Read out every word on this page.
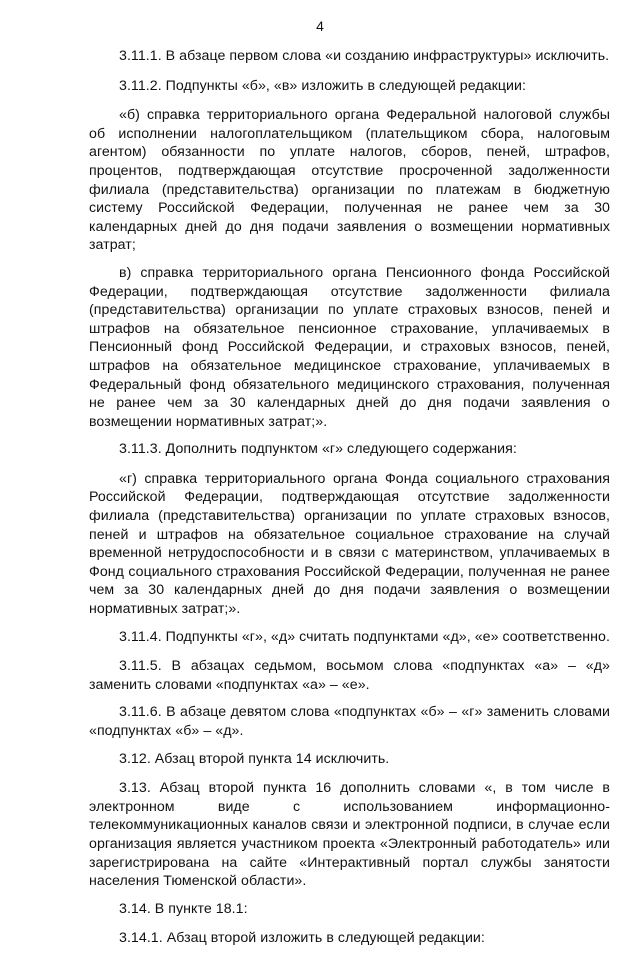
4

3.11.1. В абзаце первом слова «и созданию инфраструктуры» исключить.

3.11.2. Подпункты «б», «в» изложить в следующей редакции:

«б) справка территориального органа Федеральной налоговой службы об исполнении налогоплательщиком (плательщиком сбора, налоговым агентом) обязанности по уплате налогов, сборов, пеней, штрафов, процентов, подтверждающая отсутствие просроченной задолженности филиала (представительства) организации по платежам в бюджетную систему Российской Федерации, полученная не ранее чем за 30 календарных дней до дня подачи заявления о возмещении нормативных затрат;

в) справка территориального органа Пенсионного фонда Российской Федерации, подтверждающая отсутствие задолженности филиала (представительства) организации по уплате страховых взносов, пеней и штрафов на обязательное пенсионное страхование, уплачиваемых в Пенсионный фонд Российской Федерации, и страховых взносов, пеней, штрафов на обязательное медицинское страхование, уплачиваемых в Федеральный фонд обязательного медицинского страхования, полученная не ранее чем за 30 календарных дней до дня подачи заявления о возмещении нормативных затрат;».

3.11.3. Дополнить подпунктом «г» следующего содержания:

«г) справка территориального органа Фонда социального страхования Российской Федерации, подтверждающая отсутствие задолженности филиала (представительства) организации по уплате страховых взносов, пеней и штрафов на обязательное социальное страхование на случай временной нетрудоспособности и в связи с материнством, уплачиваемых в Фонд социального страхования Российской Федерации, полученная не ранее чем за 30 календарных дней до дня подачи заявления о возмещении нормативных затрат;».

3.11.4. Подпункты «г», «д» считать подпунктами «д», «е» соответственно.

3.11.5. В абзацах седьмом, восьмом слова «подпунктах «а» – «д» заменить словами «подпунктах «а» – «е».

3.11.6. В абзаце девятом слова «подпунктах «б» – «г» заменить словами «подпунктах «б» – «д».

3.12. Абзац второй пункта 14 исключить.

3.13. Абзац второй пункта 16 дополнить словами «, в том числе в электронном виде с использованием информационно-телекоммуникационных каналов связи и электронной подписи, в случае если организация является участником проекта «Электронный работодатель» или зарегистрирована на сайте «Интерактивный портал службы занятости населения Тюменской области».

3.14. В пункте 18.1:

3.14.1. Абзац второй изложить в следующей редакции:
